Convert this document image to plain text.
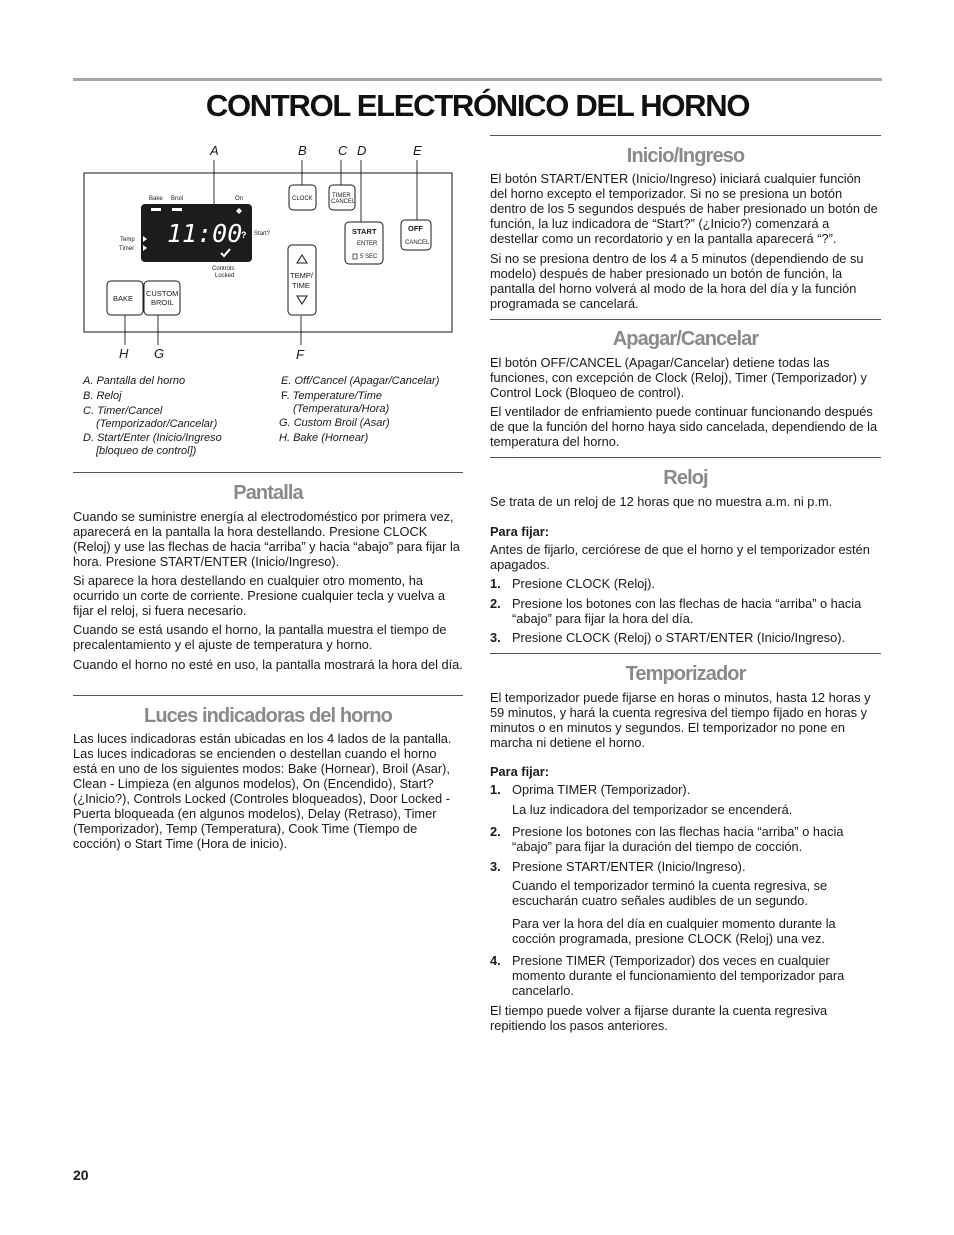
CONTROL ELECTRÓNICO DEL HORNO
A	B C D	E
H G	F
Bake Broil	On
11:00
?
Temp
Timer
Start?
Controls
Locked
CLOCK	TIMER
CANCEL
START
ENTER
5 SEC
OFF
CANCEL
TEMP/
TIME
BAKE
CUSTOM
BROIL
A. Pantalla del horno
B. Reloj
C. Timer/Cancel
(Temporizador/Cancelar)
D. Start/Enter (Inicio/Ingreso
[bloqueo de control])
E. Off/Cancel (Apagar/Cancelar)
F. Temperature/Time
(Temperatura/Hora)
G. Custom Broil (Asar)
H. Bake (Hornear)
Pantalla

Cuando se suministre energía al electrodoméstico por primera vez, aparecerá en la pantalla la hora destellando. Presione CLOCK (Reloj) y use las flechas de hacia “arriba” y hacia “abajo” para fijar la hora. Presione START/ENTER (Inicio/Ingreso).

Si aparece la hora destellando en cualquier otro momento, ha ocurrido un corte de corriente. Presione cualquier tecla y vuelva a fijar el reloj, si fuera necesario.

Cuando se está usando el horno, la pantalla muestra el tiempo de precalentamiento y el ajuste de temperatura y horno.

Cuando el horno no esté en uso, la pantalla mostrará la hora del día.

Luces indicadoras del horno

Las luces indicadoras están ubicadas en los 4 lados de la pantalla. Las luces indicadoras se encienden o destellan cuando el horno está en uno de los siguientes modos: Bake (Hornear), Broil (Asar), Clean - Limpieza (en algunos modelos), On (Encendido), Start? (¿Inicio?), Controls Locked (Controles bloqueados), Door Locked - Puerta bloqueada (en algunos modelos), Delay (Retraso), Timer (Temporizador), Temp (Temperatura), Cook Time (Tiempo de cocción) o Start Time (Hora de inicio).

Inicio/Ingreso

El botón START/ENTER (Inicio/Ingreso) iniciará cualquier función del horno excepto el temporizador. Si no se presiona un botón dentro de los 5 segundos después de haber presionado un botón de función, la luz indicadora de “Start?” (¿Inicio?) comenzará a destellar como un recordatorio y en la pantalla aparecerá “?”.

Si no se presiona dentro de los 4 a 5 minutos (dependiendo de su modelo) después de haber presionado un botón de función, la pantalla del horno volverá al modo de la hora del día y la función programada se cancelará.

Apagar/Cancelar

El botón OFF/CANCEL (Apagar/Cancelar) detiene todas las funciones, con excepción de Clock (Reloj), Timer (Temporizador) y Control Lock (Bloqueo de control).

El ventilador de enfriamiento puede continuar funcionando después de que la función del horno haya sido cancelada, dependiendo de la temperatura del horno.

Reloj

Se trata de un reloj de 12 horas que no muestra a.m. ni p.m.

Para fijar:

Antes de fijarlo, cerciórese de que el horno y el temporizador estén apagados.

1. Presione CLOCK (Reloj).
2. Presione los botones con las flechas de hacia “arriba” o hacia “abajo” para fijar la hora del día.
3. Presione CLOCK (Reloj) o START/ENTER (Inicio/Ingreso).
Temporizador

El temporizador puede fijarse en horas o minutos, hasta 12 horas y 59 minutos, y hará la cuenta regresiva del tiempo fijado en horas y minutos o en minutos y segundos. El temporizador no pone en marcha ni detiene el horno.

Para fijar:

1. Oprima TIMER (Temporizador).
La luz indicadora del temporizador se encenderá.
2. Presione los botones con las flechas hacia “arriba” o hacia “abajo” para fijar la duración del tiempo de cocción.
3. Presione START/ENTER (Inicio/Ingreso).
Cuando el temporizador terminó la cuenta regresiva, se escucharán cuatro señales audibles de un segundo.
Para ver la hora del día en cualquier momento durante la cocción programada, presione CLOCK (Reloj) una vez.
4. Presione TIMER (Temporizador) dos veces en cualquier momento durante el funcionamiento del temporizador para cancelarlo.

El tiempo puede volver a fijarse durante la cuenta regresiva repitiendo los pasos anteriores.

20
